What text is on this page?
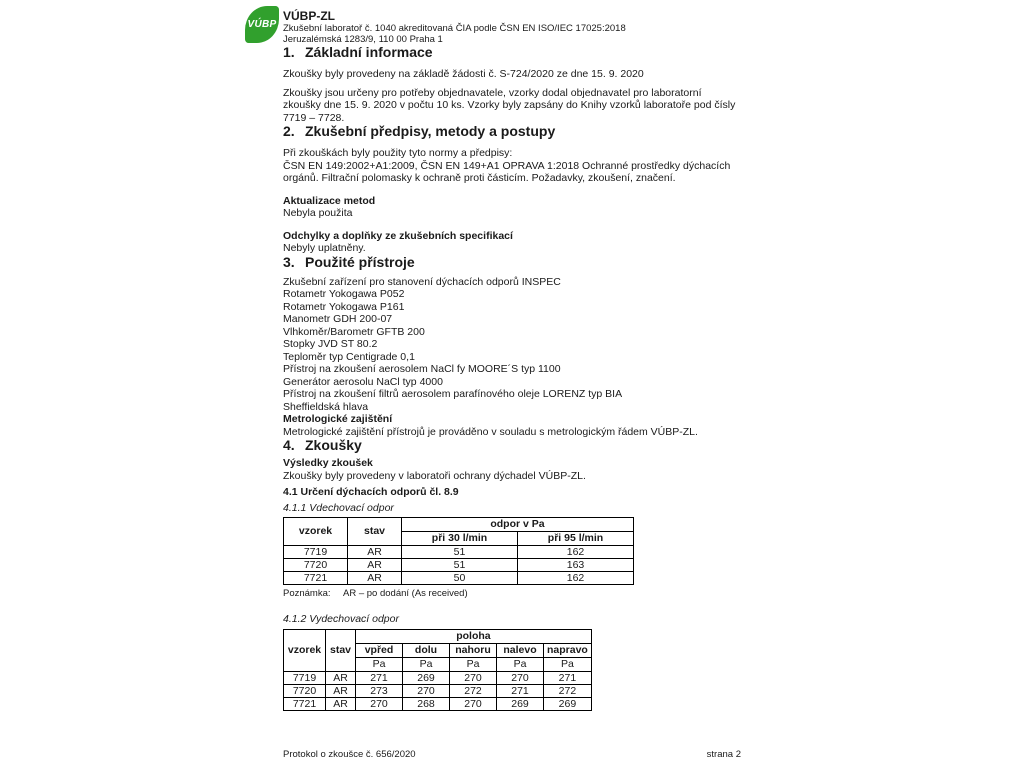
VÚBP
VÚBP-ZL
Zkušební laboratoř č. 1040 akreditovaná ČIA podle ČSN EN ISO/IEC 17025:2018
Jeruzalémská 1283/9, 110 00 Praha 1
1. Základní informace

Zkoušky byly provedeny na základě žádosti č. S-724/2020 ze dne 15. 9. 2020

Zkoušky jsou určeny pro potřeby objednavatele, vzorky dodal objednavatel pro laboratorní zkoušky dne 15. 9. 2020 v počtu 10 ks. Vzorky byly zapsány do Knihy vzorků laboratoře pod čísly 7719 – 7728.

2. Zkušební předpisy, metody a postupy

Při zkouškách byly použity tyto normy a předpisy:

ČSN EN 149:2002+A1:2009, ČSN EN 149+A1 OPRAVA 1:2018 Ochranné prostředky dýchacích orgánů. Filtrační polomasky k ochraně proti částicím. Požadavky, zkoušení, značení.

Aktualizace metod

Nebyla použita

Odchylky a doplňky ze zkušebních specifikací

Nebyly uplatněny.

3. Použité přístroje
Zkušební zařízení pro stanovení dýchacích odporů INSPEC
Rotametr Yokogawa P052
Rotametr Yokogawa P161
Manometr GDH 200-07
Vlhkoměr/Barometr GFTB 200
Stopky JVD ST 80.2
Teploměr typ Centigrade 0,1
Přístroj na zkoušení aerosolem NaCl fy MOORE´S typ 1100
Generátor aerosolu NaCl typ 4000
Přístroj na zkoušení filtrů aerosolem parafínového oleje LORENZ typ BIA
Sheffieldská hlava

Metrologické zajištění

Metrologické zajištění přístrojů je prováděno v souladu s metrologickým řádem VÚBP-ZL.

4. Zkoušky

Výsledky zkoušek

Zkoušky byly provedeny v laboratoři ochrany dýchadel VÚBP-ZL.

4.1 Určení dýchacích odporů čl. 8.9

4.1.1 Vdechovací odpor

vzorek	stav	odpor v Pa	
		při 30 l/min	při 95 l/min
7719	AR	51	162
7720	AR	51	163
7721	AR	50	162
Poznámka: AR – po dodání (As received)

4.1.2 Vydechovací odpor

vzorek	stav	poloha				
		vpřed	dolu	nahoru	nalevo	napravo
		Pa	Pa	Pa	Pa	Pa
7719	AR	271	269	270	270	271
7720	AR	273	270	272	271	272
7721	AR	270	268	270	269	269
Protokol o zkoušce č. 656/2020	strana 2
